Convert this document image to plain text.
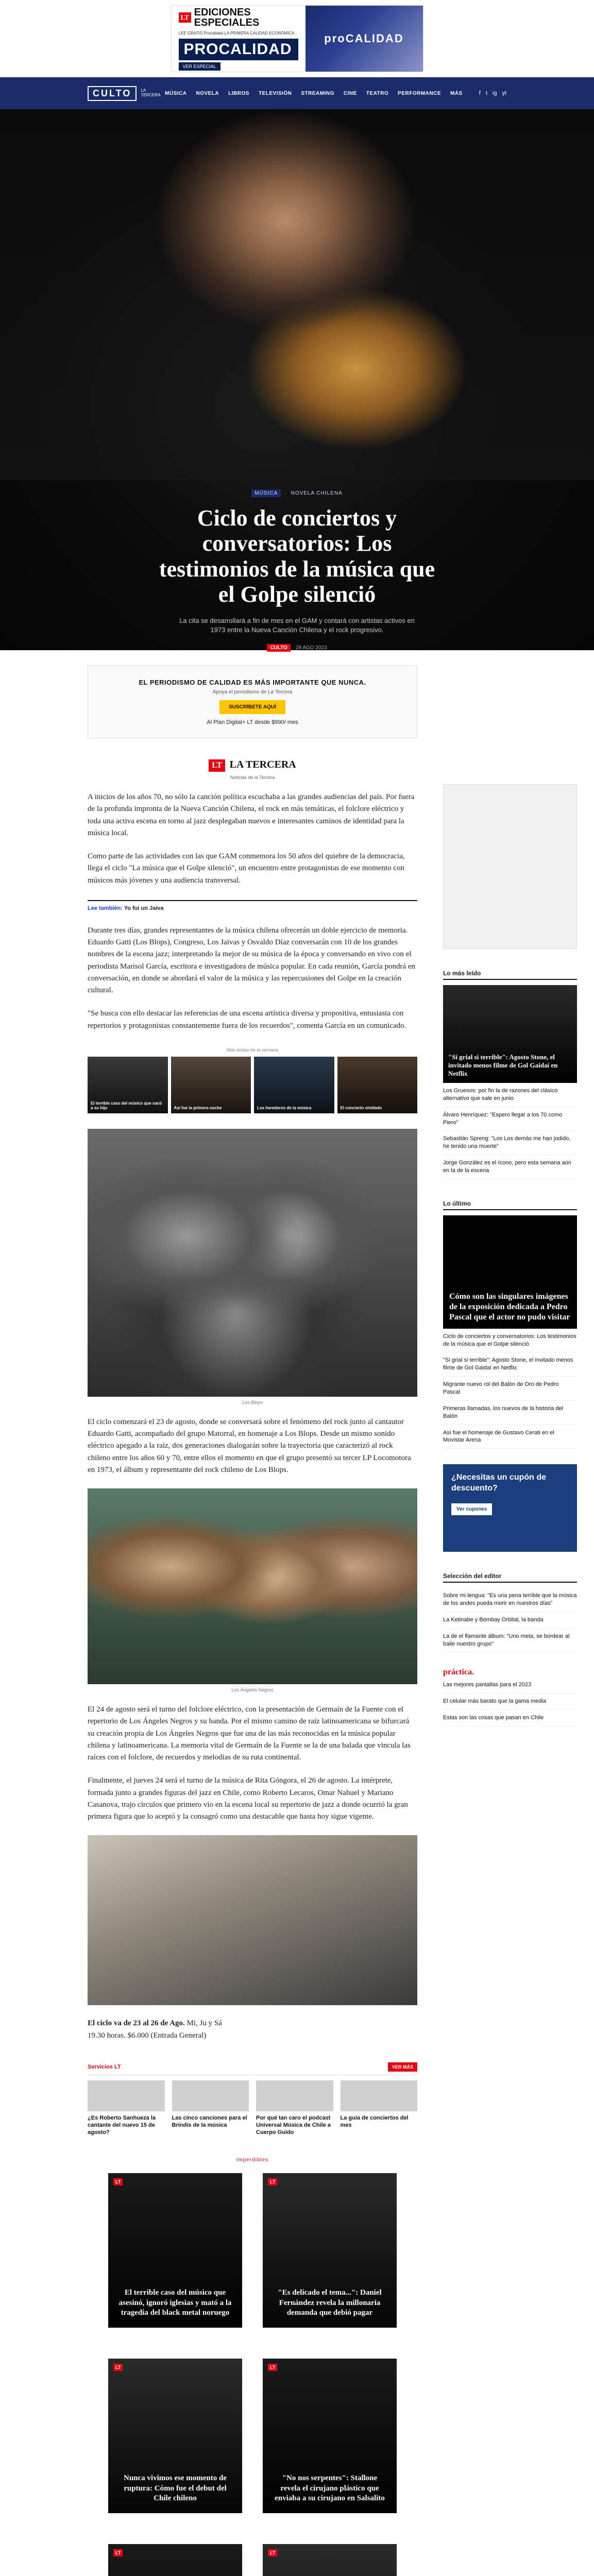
LT EDICIONES ESPECIALES
LEE GRATIS Procalidad LA PRIMERA CALIDAD ECONÓMICA
PROCALIDAD
VER ESPECIAL
proCALIDAD
CULTO	LA TERCERA MÚSICA NOVELA LIBROS TELEVISIÓN STREAMING CINE TEATRO PERFORMANCE MÁS	f t ig yt
MÚSICA  ·  NOVELA CHILENA
Ciclo de conciertos y conversatorios: Los testimonios de la música que el Golpe silenció

La cita se desarrollará a fin de mes en el GAM y contará con artistas activos en 1973 entre la Nueva Canción Chilena y el rock progresivo.

CULTO	28 AGO 2023
EL PERIODISMO DE CALIDAD ES MÁS IMPORTANTE QUE NUNCA.

Apoya el periodismo de La Tercera

SUSCRÍBETE AQUÍ
Al Plan Digital+ LT desde $990/ mes
LT LA TERCERA
Noticias de la Tercera

A inicios de los años 70, no sólo la canción política escuchaba a las grandes audiencias del país. Por fuera de la profunda impronta de la Nueva Canción Chilena, el rock en más temáticas, el folclore eléctrico y toda una activa escena en torno al jazz desplegaban nuevos e interesantes caminos de identidad para la música local.

Como parte de las actividades con las que GAM conmemora los 50 años del quiebre de la democracia, llega el ciclo "La música que el Golpe silenció", un encuentro entre protagonistas de ese momento con músicos más jóvenes y una audiencia transversal.

Lee también: Yo fui un Jaiva

Durante tres días, grandes representantes de la música chilena ofrecerán un doble ejercicio de memoria. Eduardo Gatti (Los Blops), Congreso, Los Jaivas y Osvaldo Díaz conversarán con 10 de los grandes nombres de la escena jazz; interpretando la mejor de su música de la época y conversando en vivo con el periodista Marisol García, escritora e investigadora de música popular. En cada reunión, García pondrá en conversación, en donde se abordará el valor de la música y las repercusiones del Golpe en la creación cultural.

"Se busca con ello destacar las referencias de una escena artística diversa y propositiva, entusiasta con repertorios y protagonistas constantemente fuera de los recuerdos", comenta García en un comunicado.

Más leídas de la semana
El terrible caso del músico que sacó a su hijo	Así fue la primera noche	Los herederos de la música	El concierto olvidado
Los Blops

El ciclo comenzará el 23 de agosto, donde se conversará sobre el fenómeno del rock junto al cantautor Eduardo Gatti, acompañado del grupo Matorral, en homenaje a Los Blops. Desde un mismo sonido eléctrico apegado a la raíz, dos generaciones dialogarán sobre la trayectoria que caracterizó al rock chileno entre los años 60 y 70, entre ellos el momento en que el grupo presentó su tercer LP Locomotora en 1973, el álbum y representante del rock chileno de Los Blops.

Los Ángeles Negros

El 24 de agosto será el turno del folclore eléctrico, con la presentación de Germaín de la Fuente con el repertorio de Los Ángeles Negros y su banda. Por el mismo camino de raíz latinoamericana se bifurcará su creación propia de Los Ángeles Negros que fue una de las más reconocidas en la música popular chilena y latinoamericana. La memoria vital de Germaín de la Fuente se la de una balada que vincula las raíces con el folclore, de recuerdos y melodías de su ruta continental.

Finalmente, el jueves 24 será el turno de la música de Rita Góngora, el 26 de agosto. La intérprete, formada junto a grandes figuras del jazz en Chile, como Roberto Lecaros, Omar Nahuel y Mariano Casanova, trajo círculos que primero vio en la escena local su repertorio de jazz a donde ocurrió la gran primera figura que lo aceptó y la consagró como una destacable que hasta hoy sigue vigente.

El ciclo va de 23 al 26 de Ago. Mi, Ju y Sá
19.30 horas. $6.000 (Entrada General)

Servicios LT	VER MÁS
¿Es Roberto Sanhueza la cantante del nuevo 15 de agosto?
Las cinco canciones para el Brindis de la música
Por qué tan caro el podcast Universal Música de Chile a Cuerpo Guido
La guía de conciertos del mes
Imperdibles
LT
El terrible caso del músico que asesinó, ignoró iglesias y mató a la tragedia del black metal noruego
LT
"Es delicado el tema...": Daniel Fernández revela la millonaria demanda que debió pagar
LT
Nunca vivimos ese momento de ruptura: Cómo fue el debut del Chile chileno
LT
"No nos serpentes": Stallone revela el cirujano plástico que enviaba a su cirujano en Salsalito
LT	LT
Lo más leído
"Si grial si terrible": Agosto Stone, el invitado menos filme de Gol Gaidaí en Netflix
Los Gruesos: por fin la de razones del clásico alternativo que sale en junio
Álvaro Henríquez: "Espero llegar a los 70 como Piero"
Sebastián Spreng: "Los Los demás me han jodido, he tenido una muerte"
Jorge González es el ícono, pero esta semana aún en la de la escena
Lo último
Cómo son las singulares imágenes de la exposición dedicada a Pedro Pascal que el actor no pudo visitar
Ciclo de conciertos y conversatorios: Los testimonios de la música que el Golpe silenció
"Si grial si terrible": Agosto Stone, el invitado menos filme de Gol Gaidaí en Netflix
Migrante nuevo rol del Balón de Oro de Pedro Pascal
Primeras llamadas, los nuevos de la historia del Balón
Así fue el homenaje de Gustavo Cerati en el Movistar Arena
¿Necesitas un cupón de descuento?
Ver cupones
Selección del editor
Sobre mi lengua: "Es una pena terrible que la música de los andes pueda morir en nuestros días"
La Ketinabe y Bombay Orbital, la banda
La de el flamante álbum: "Uno meta, se bordear al baile nuestro grupo"
práctica.
Las mejores pantallas para el 2023
El celular más barato que la gama media
Estas son las cosas que pasan en Chile
